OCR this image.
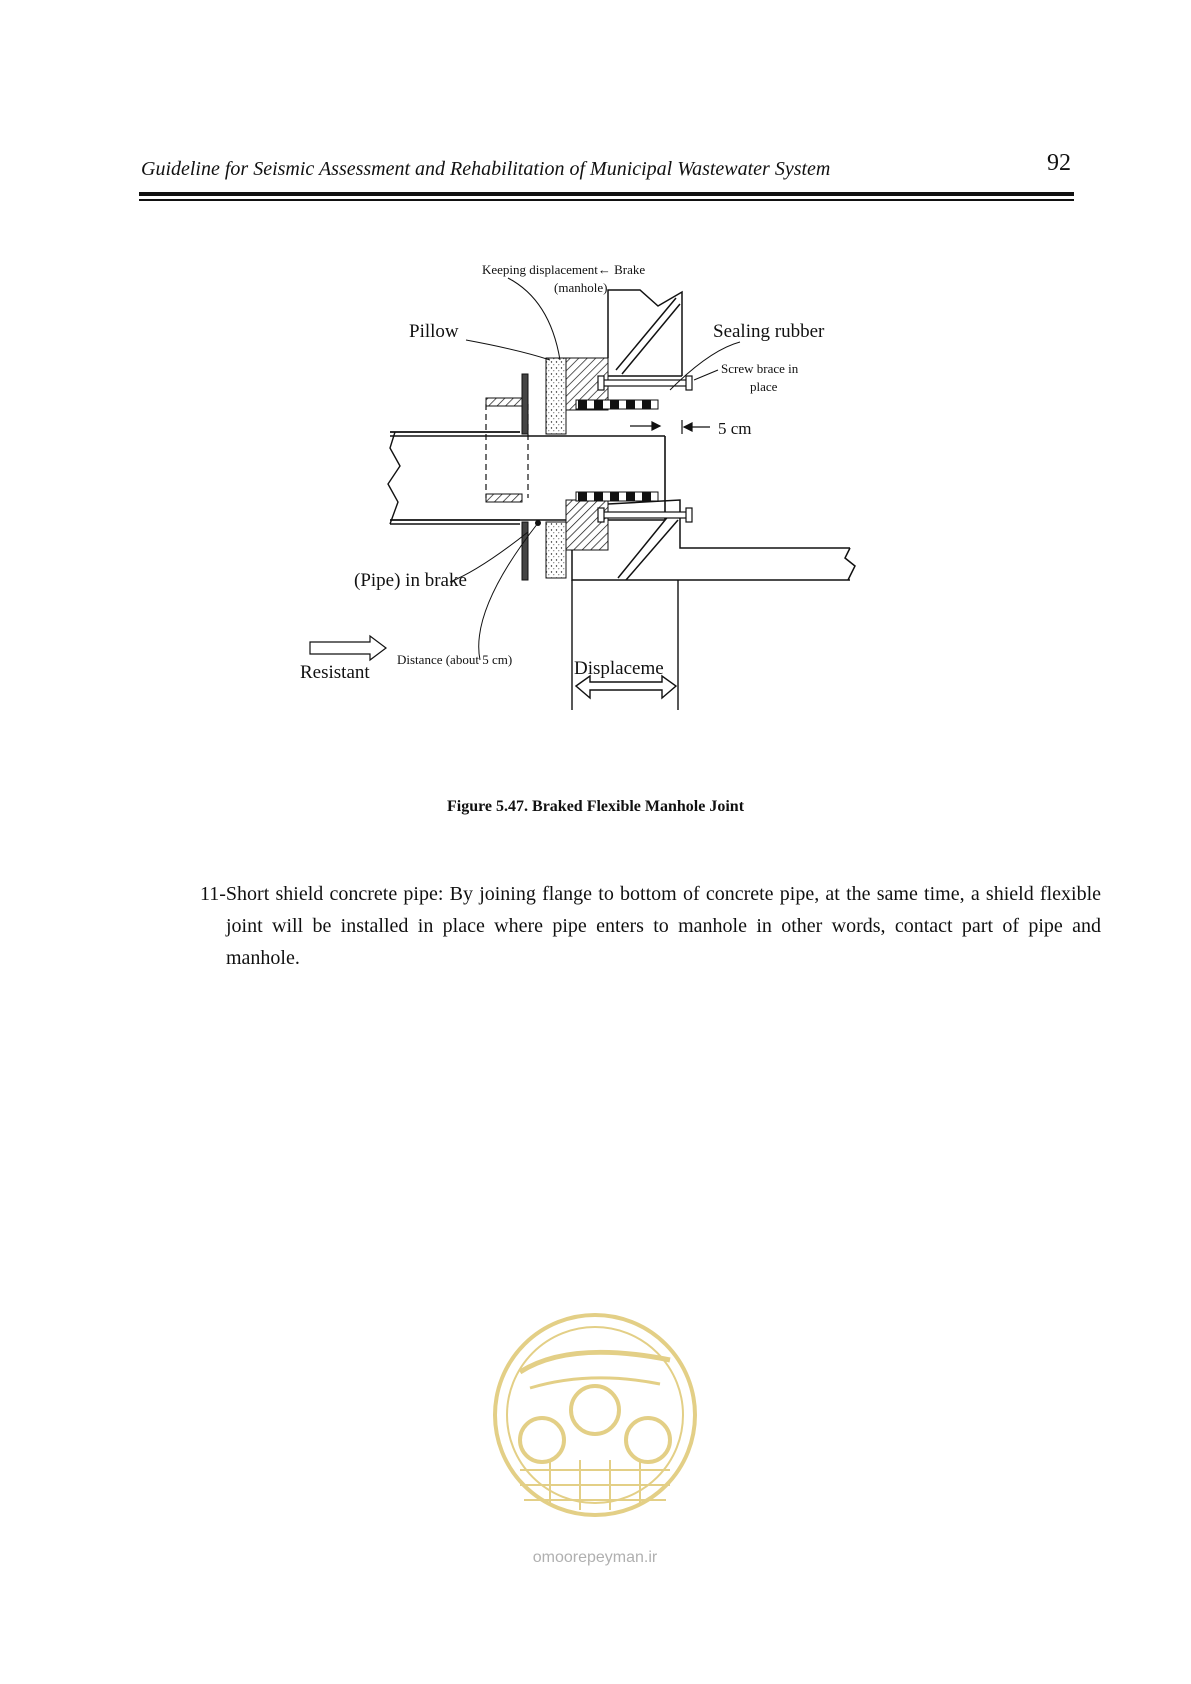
Guideline for Seismic Assessment and Rehabilitation of Municipal Wastewater System	92
Keeping displacement← Brake
(manhole)
Pillow	Sealing rubber
Screw brace in
place
5 cm
(Pipe) in brake
Distance (about 5 cm)
Resistant	Displaceme
Figure 5.47. Braked Flexible Manhole Joint

11-Short shield concrete pipe: By joining flange to bottom of concrete pipe, at the same time, a shield flexible joint will be installed in place where pipe enters to manhole in other words, contact part of pipe and manhole.

omoorepeyman.ir
